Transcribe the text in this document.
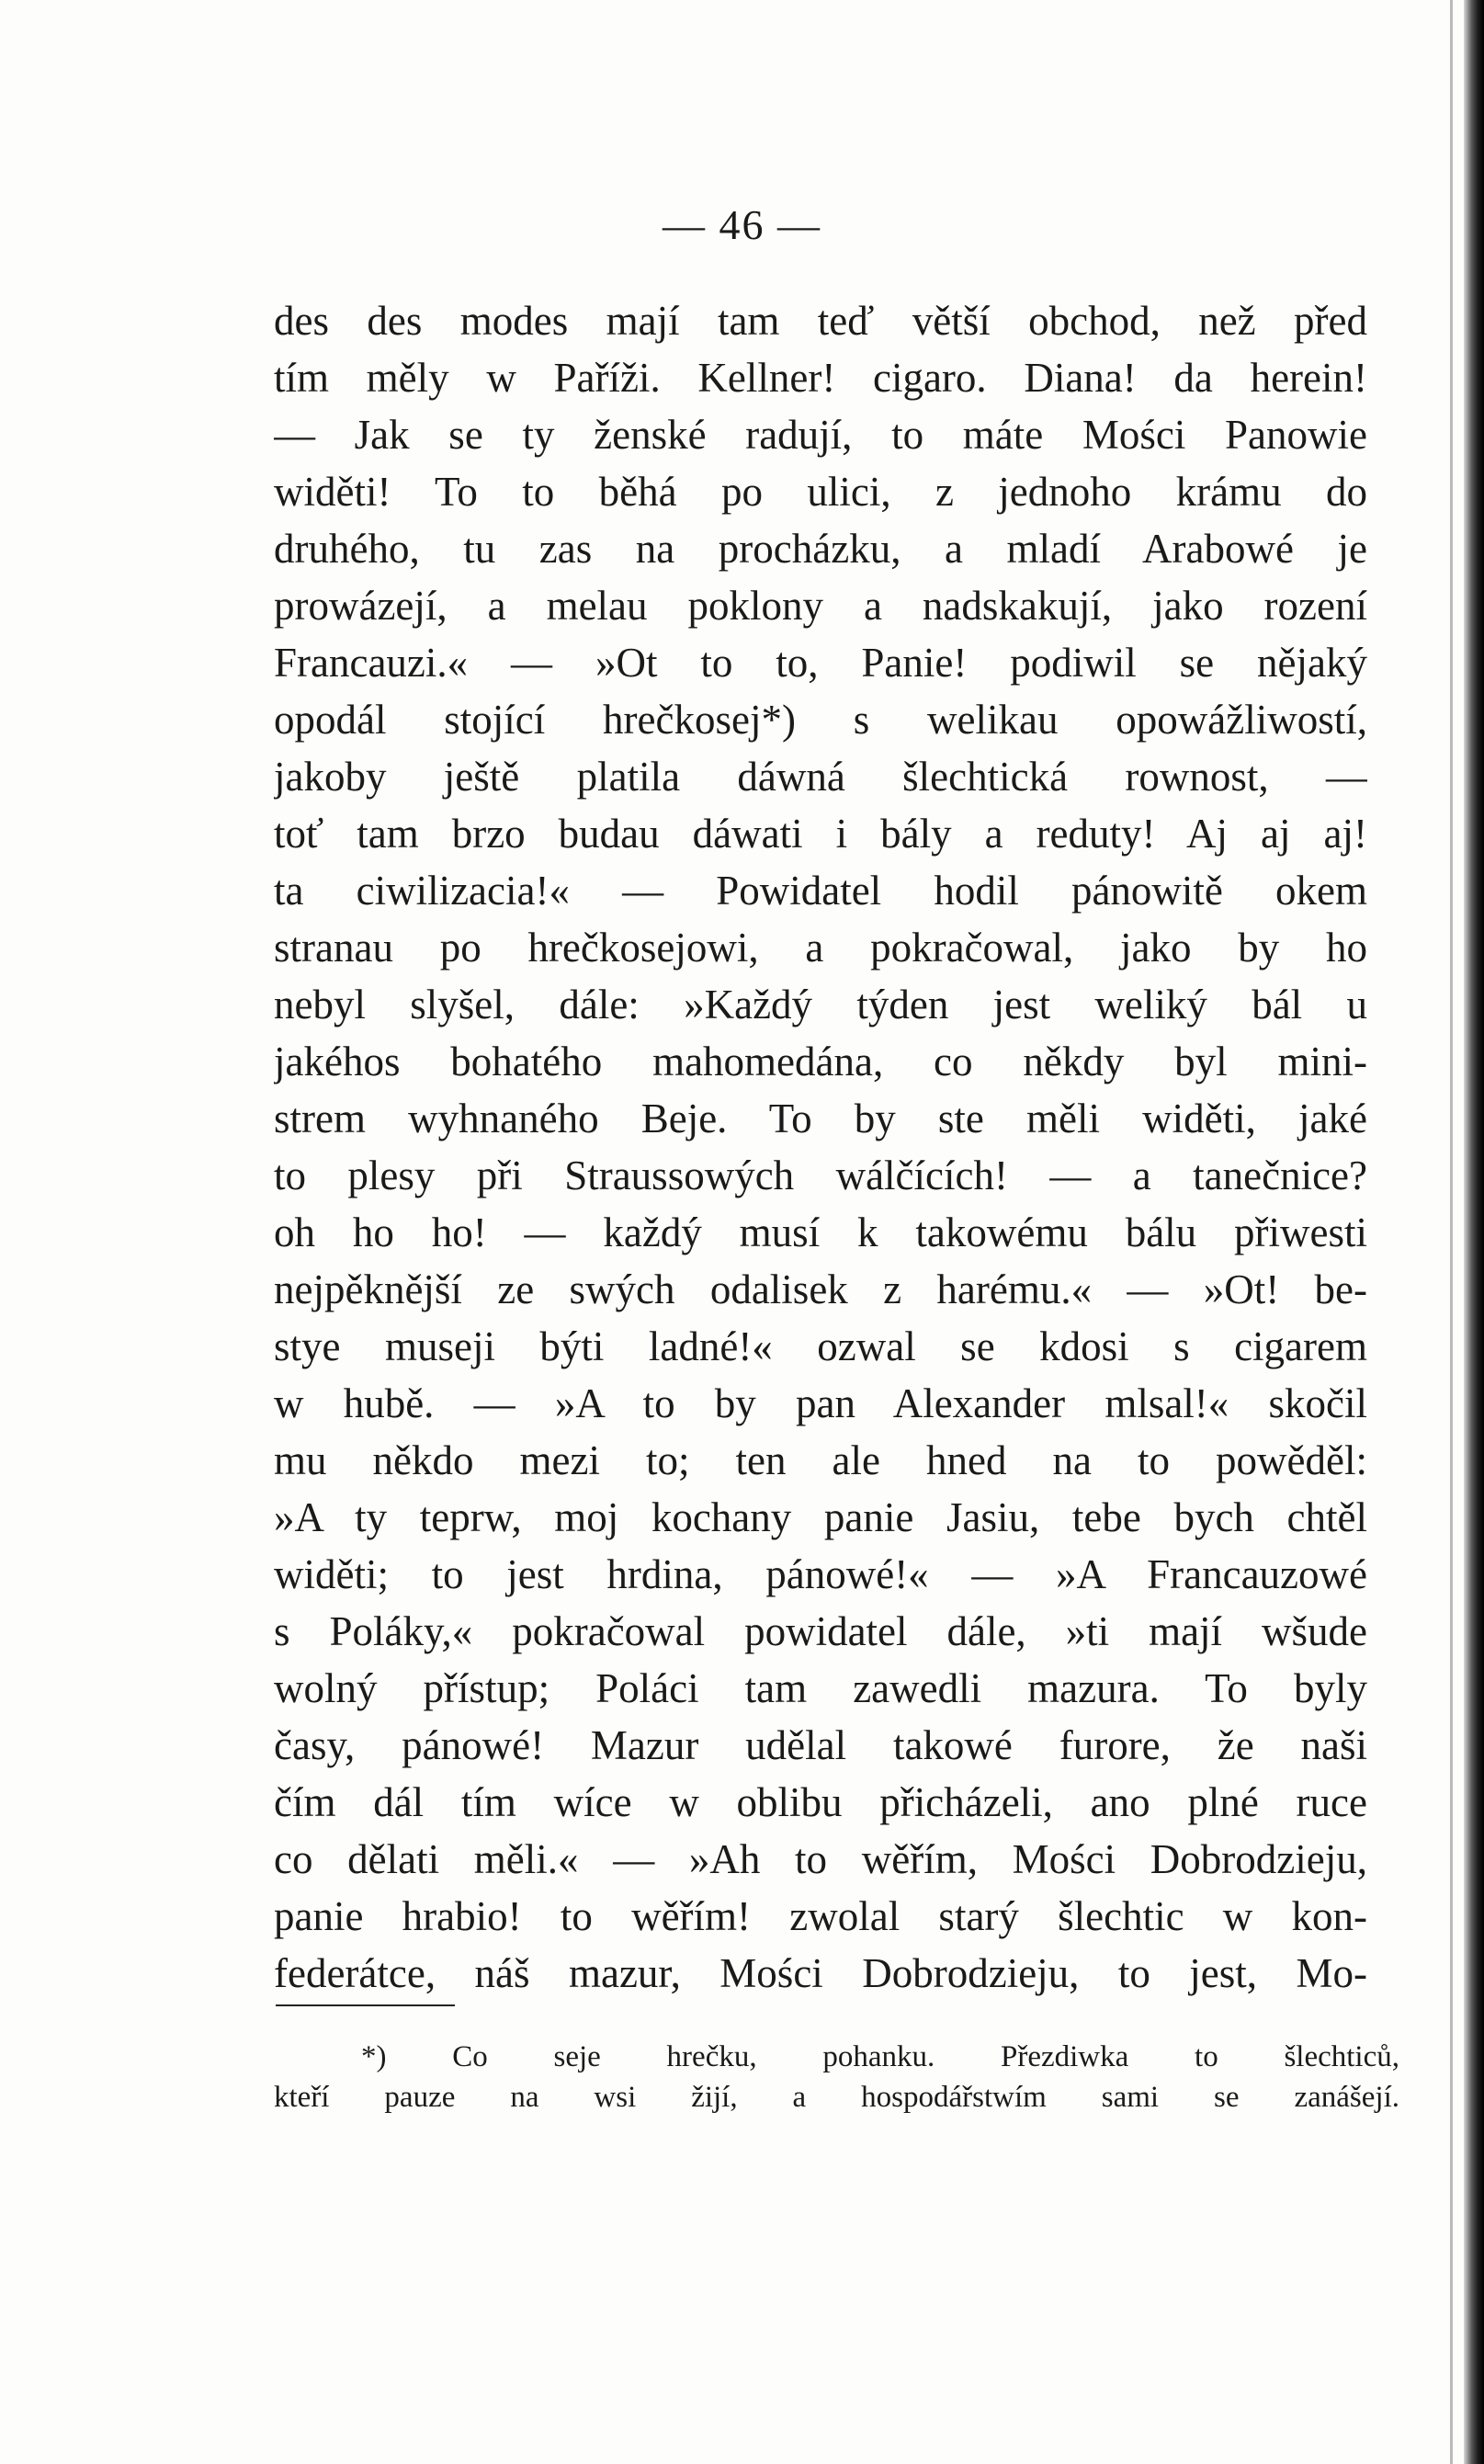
— 46 —
des des modes mají tam teď větší obchod, než před
tím měly w Paříži. Kellner! cigaro. Diana! da herein!
— Jak se ty ženské radují, to máte Mości Panowie
widěti! To to běhá po ulici, z jednoho krámu do
druhého, tu zas na procházku, a mladí Arabowé je
prowázejí, a melau poklony a nadskakují, jako rození
Francauzi.« — »Ot to to, Panie! podiwil se nějaký
opodál stojící hrečkosej*) s welikau opowážliwostí,
jakoby ještě platila dáwná šlechtická rownost, —
toť tam brzo budau dáwati i bály a reduty! Aj aj aj!
ta ciwilizacia!« — Powidatel hodil pánowitě okem
stranau po hrečkosejowi, a pokračowal, jako by ho
nebyl slyšel, dále: »Každý týden jest weliký bál u
jakéhos bohatého mahomedána, co někdy byl mini-
strem wyhnaného Beje. To by ste měli widěti, jaké
to plesy při Straussowých wálčících! — a tanečnice?
oh ho ho! — každý musí k takowému bálu přiwesti
nejpěknější ze swých odalisek z harému.« — »Ot! be-
stye museji býti ladné!« ozwal se kdosi s cigarem
w hubě. — »A to by pan Alexander mlsal!« skočil
mu někdo mezi to; ten ale hned na to powěděl:
»A ty teprw, moj kochany panie Jasiu, tebe bych chtěl
widěti; to jest hrdina, pánowé!« — »A Francauzowé
s Poláky,« pokračowal powidatel dále, »ti mají wšude
wolný přístup; Poláci tam zawedli mazura. To byly
časy, pánowé! Mazur udělal takowé furore, že naši
čím dál tím wíce w oblibu přicházeli, ano plné ruce
co dělati měli.« — »Ah to wěřím, Mości Dobrodzieju,
panie hrabio! to wěřím! zwolal starý šlechtic w kon-
federátce, náš mazur, Mości Dobrodzieju, to jest, Mo-
*) Co seje hrečku, pohanku. Přezdiwka to šlechticů,
kteří pauze na wsi žijí, a hospodářstwím sami se zanášejí.
